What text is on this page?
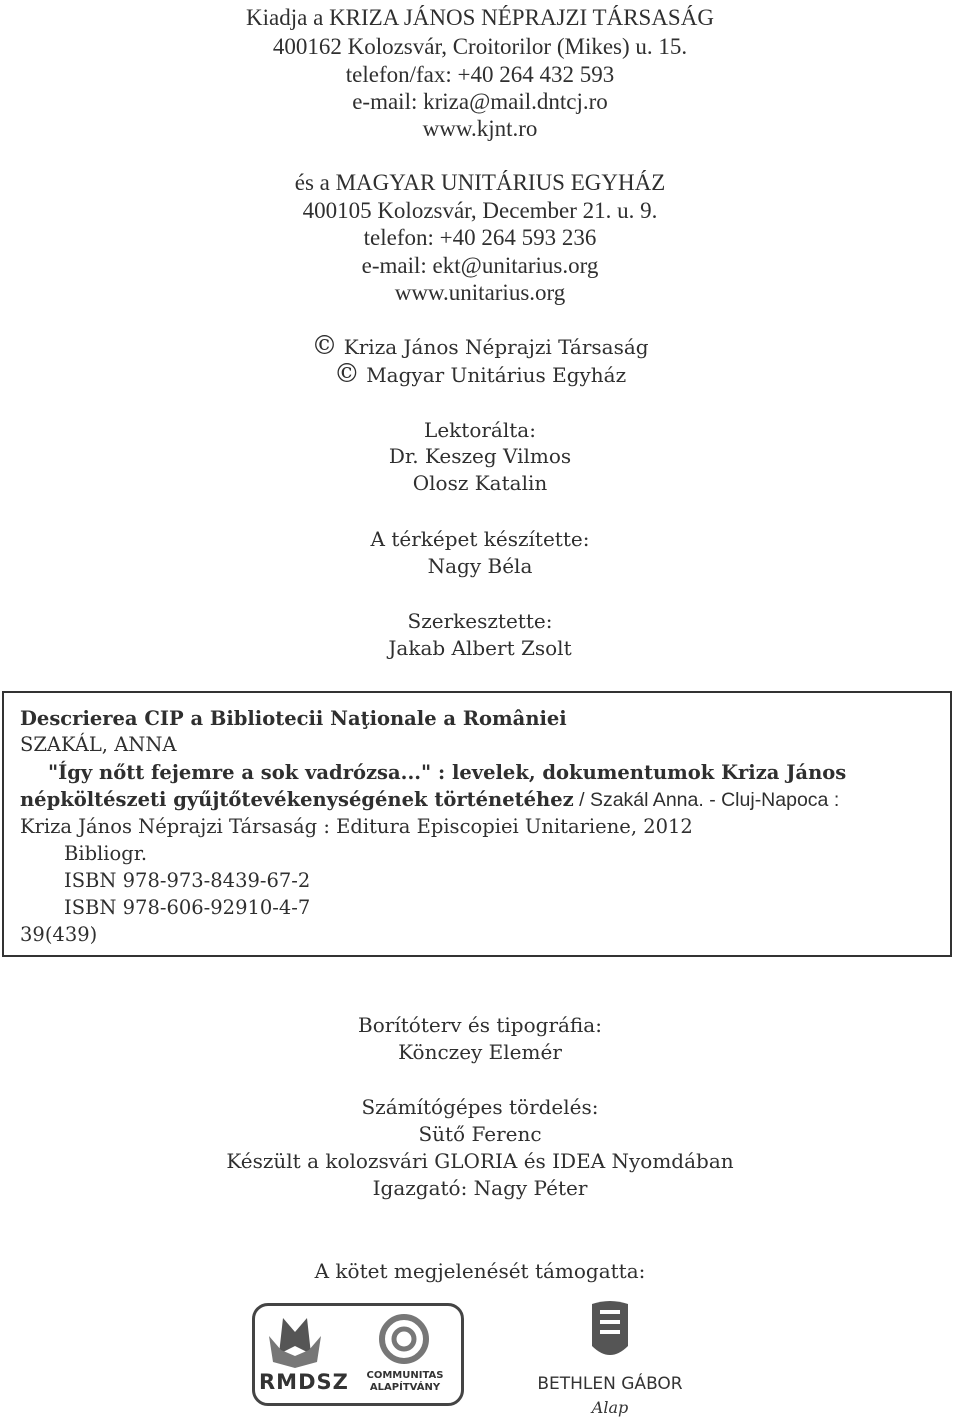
Kiadja a KRIZA JÁNOS NÉPRAJZI TÁRSASÁG
400162 Kolozsvár, Croitorilor (Mikes) u. 15.
telefon/fax: +40 264 432 593
e-mail: kriza@mail.dntcj.ro
www.kjnt.ro
és a MAGYAR UNITÁRIUS EGYHÁZ
400105 Kolozsvár, December 21. u. 9.
telefon: +40 264 593 236
e-mail: ekt@unitarius.org
www.unitarius.org
© Kriza János Néprajzi Társaság
© Magyar Unitárius Egyház
Lektorálta:
Dr. Keszeg Vilmos
Olosz Katalin
A térképet készítette:
Nagy Béla
Szerkesztette:
Jakab Albert Zsolt
Descrierea CIP a Bibliotecii Naţionale a României
SZAKÁL, ANNA
"Így nőtt fejemre a sok vadrózsa..." : levelek, dokumentumok Kriza János
népköltészeti gyűjtőtevékenységének történetéhez / Szakál Anna. - Cluj-Napoca :
Kriza János Néprajzi Társaság : Editura Episcopiei Unitariene, 2012
Bibliogr.
ISBN 978-973-8439-67-2
ISBN 978-606-92910-4-7
39(439)
Borítóterv és tipográfia:
Könczey Elemér
Számítógépes tördelés:
Sütő Ferenc
Készült a kolozsvári GLORIA és IDEA Nyomdában
Igazgató: Nagy Péter
A kötet megjelenését támogatta:
RMDSZ	COMMUNITAS
ALAPÍTVÁNY	BETHLEN GÁBOR
Alap
